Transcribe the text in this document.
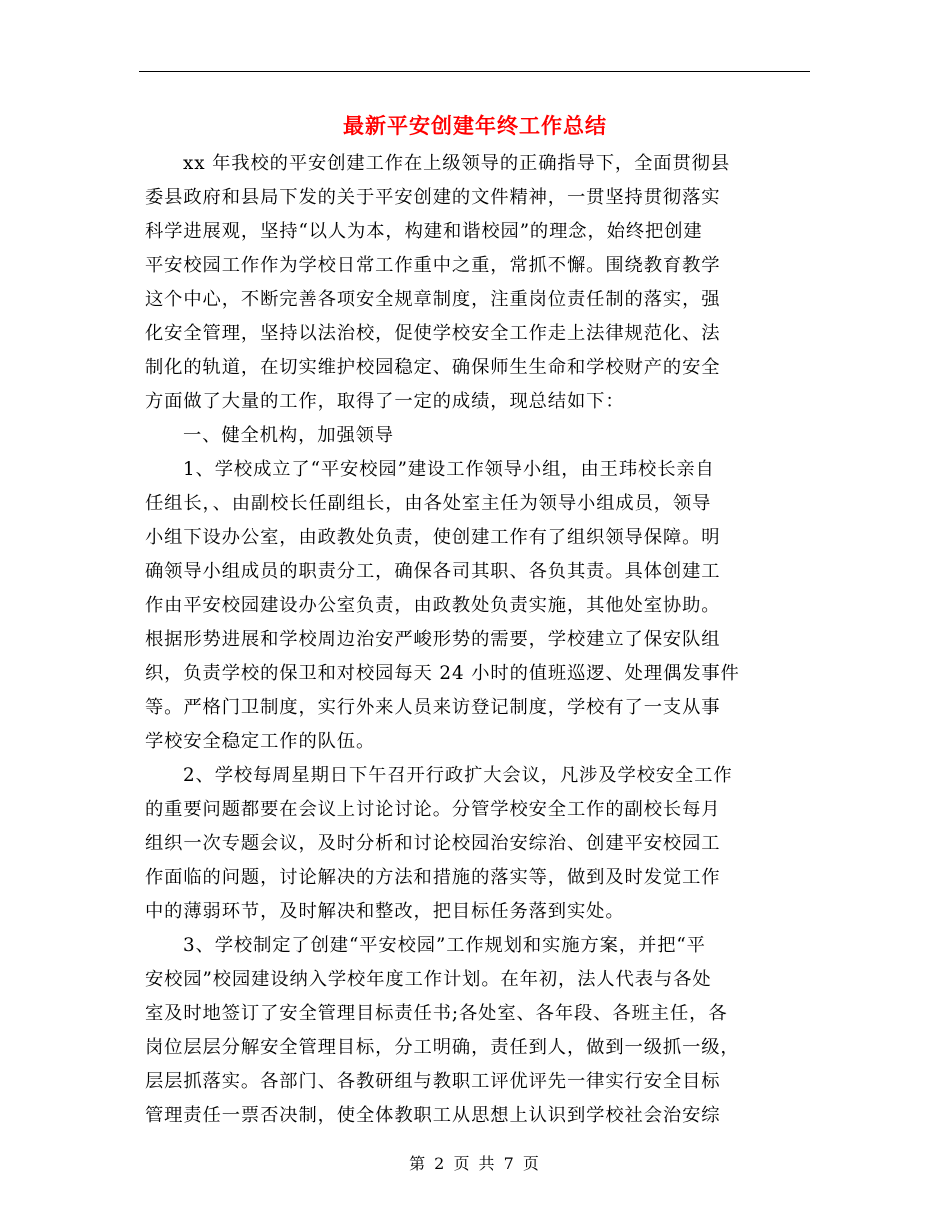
最新平安创建年终工作总结
xx 年我校的平安创建工作在上级领导的正确指导下，全面贯彻县
委县政府和县局下发的关于平安创建的文件精神，一贯坚持贯彻落实
科学进展观，坚持“以人为本，构建和谐校园”的理念，始终把创建
平安校园工作作为学校日常工作重中之重，常抓不懈。围绕教育教学
这个中心，不断完善各项安全规章制度，注重岗位责任制的落实，强
化安全管理，坚持以法治校，促使学校安全工作走上法律规范化、法
制化的轨道，在切实维护校园稳定、确保师生生命和学校财产的安全
方面做了大量的工作，取得了一定的成绩，现总结如下：
一、健全机构，加强领导
1、学校成立了“平安校园”建设工作领导小组，由王玮校长亲自
任组长，、由副校长任副组长，由各处室主任为领导小组成员，领导
小组下设办公室，由政教处负责，使创建工作有了组织领导保障。明
确领导小组成员的职责分工，确保各司其职、各负其责。具体创建工
作由平安校园建设办公室负责，由政教处负责实施，其他处室协助。
根据形势进展和学校周边治安严峻形势的需要，学校建立了保安队组
织，负责学校的保卫和对校园每天 24 小时的值班巡逻、处理偶发事件
等。严格门卫制度，实行外来人员来访登记制度，学校有了一支从事
学校安全稳定工作的队伍。
2、学校每周星期日下午召开行政扩大会议，凡涉及学校安全工作
的重要问题都要在会议上讨论讨论。分管学校安全工作的副校长每月
组织一次专题会议，及时分析和讨论校园治安综治、创建平安校园工
作面临的问题，讨论解决的方法和措施的落实等，做到及时发觉工作
中的薄弱环节，及时解决和整改，把目标任务落到实处。
3、学校制定了创建“平安校园”工作规划和实施方案，并把“平
安校园”校园建设纳入学校年度工作计划。在年初，法人代表与各处
室及时地签订了安全管理目标责任书;各处室、各年段、各班主任，各
岗位层层分解安全管理目标，分工明确，责任到人，做到一级抓一级，
层层抓落实。各部门、各教研组与教职工评优评先一律实行安全目标
管理责任一票否决制，使全体教职工从思想上认识到学校社会治安综
第 2 页 共 7 页
